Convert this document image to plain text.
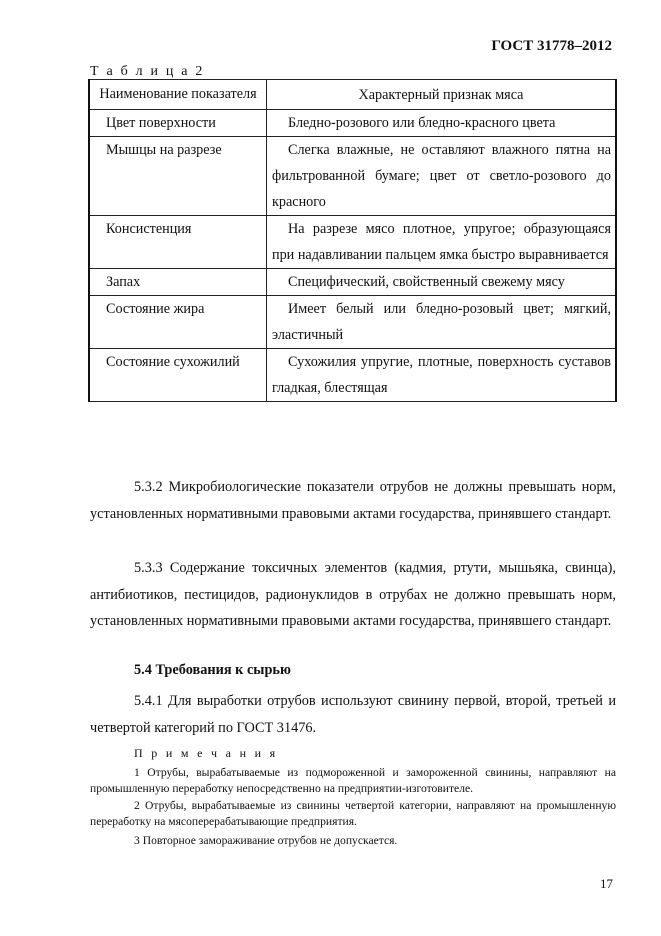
ГОСТ 31778–2012
Т а б л и ц а 2
Наименование показателя	Характерный признак мяса
Цвет поверхности	Бледно-розового или бледно-красного цвета
Мышцы на разрезе	Слегка влажные, не оставляют влажного пятна на фильтрованной бумаге; цвет от светло-розового до красного
Консистенция	На разрезе мясо плотное, упругое; образующаяся при надавливании пальцем ямка быстро выравнивается
Запах	Специфический, свойственный свежему мясу
Состояние жира	Имеет белый или бледно-розовый цвет; мягкий, эластичный
Состояние сухожилий	Сухожилия упругие, плотные, поверхность суставов гладкая, блестящая

5.3.2 Микробиологические показатели отрубов не должны превышать норм, установленных нормативными правовыми актами государства, принявшего стандарт.

5.3.3 Содержание токсичных элементов (кадмия, ртути, мышьяка, свинца), антибиотиков, пестицидов, радионуклидов в отрубах не должно превышать норм, установленных нормативными правовыми актами государства, принявшего стандарт.

5.4 Требования к сырью

5.4.1 Для выработки отрубов используют свинину первой, второй, третьей и четвертой категорий по ГОСТ 31476.

П р и м е ч а н и я

1 Отрубы, вырабатываемые из подмороженной и замороженной свинины, направляют на промышленную переработку непосредственно на предприятии-изготовителе.

2 Отрубы, вырабатываемые из свинины четвертой категории, направляют на промышленную переработку на мясоперерабатывающие предприятия.

3 Повторное замораживание отрубов не допускается.

17
